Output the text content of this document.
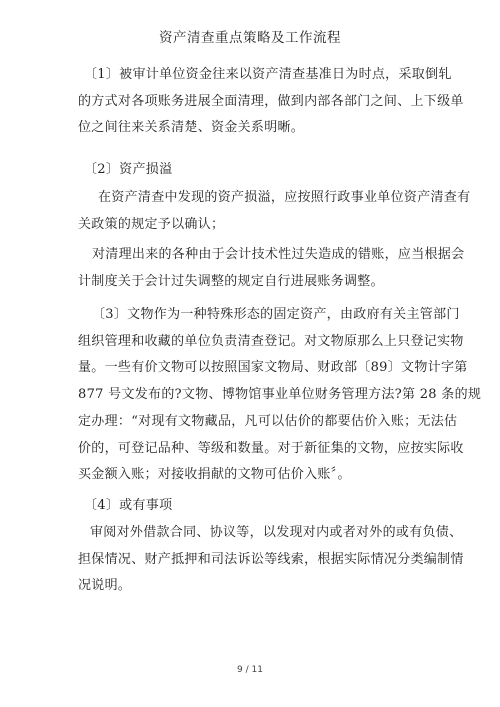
资产清查重点策略及工作流程
〔1〕被审计单位资金往来以资产清查基准日为时点，采取倒轧
的方式对各项账务进展全面清理，做到内部各部门之间、上下级单
位之间往来关系清楚、资金关系明晰。
〔2〕资产损溢
在资产清查中发现的资产损溢，应按照行政事业单位资产清查有
关政策的规定予以确认；
对清理出来的各种由于会计技术性过失造成的错账，应当根据会
计制度关于会计过失调整的规定自行进展账务调整。
〔3〕文物作为一种特殊形态的固定资产，由政府有关主管部门
组织管理和收藏的单位负责清查登记。对文物原那么上只登记实物
量。一些有价文物可以按照国家文物局、财政部〔89〕文物计字第
877 号文发布的?文物、博物馆事业单位财务管理方法?第 28 条的规
定办理：“对现有文物藏品，凡可以估价的都要估价入账；无法估
价的，可登记品种、等级和数量。对于新征集的文物，应按实际收
买金额入账；对接收捐献的文物可估价入账〞。
〔4〕或有事项
审阅对外借款合同、协议等，以发现对内或者对外的或有负债、
担保情况、财产抵押和司法诉讼等线索，根据实际情况分类编制情
况说明。
9 / 11
